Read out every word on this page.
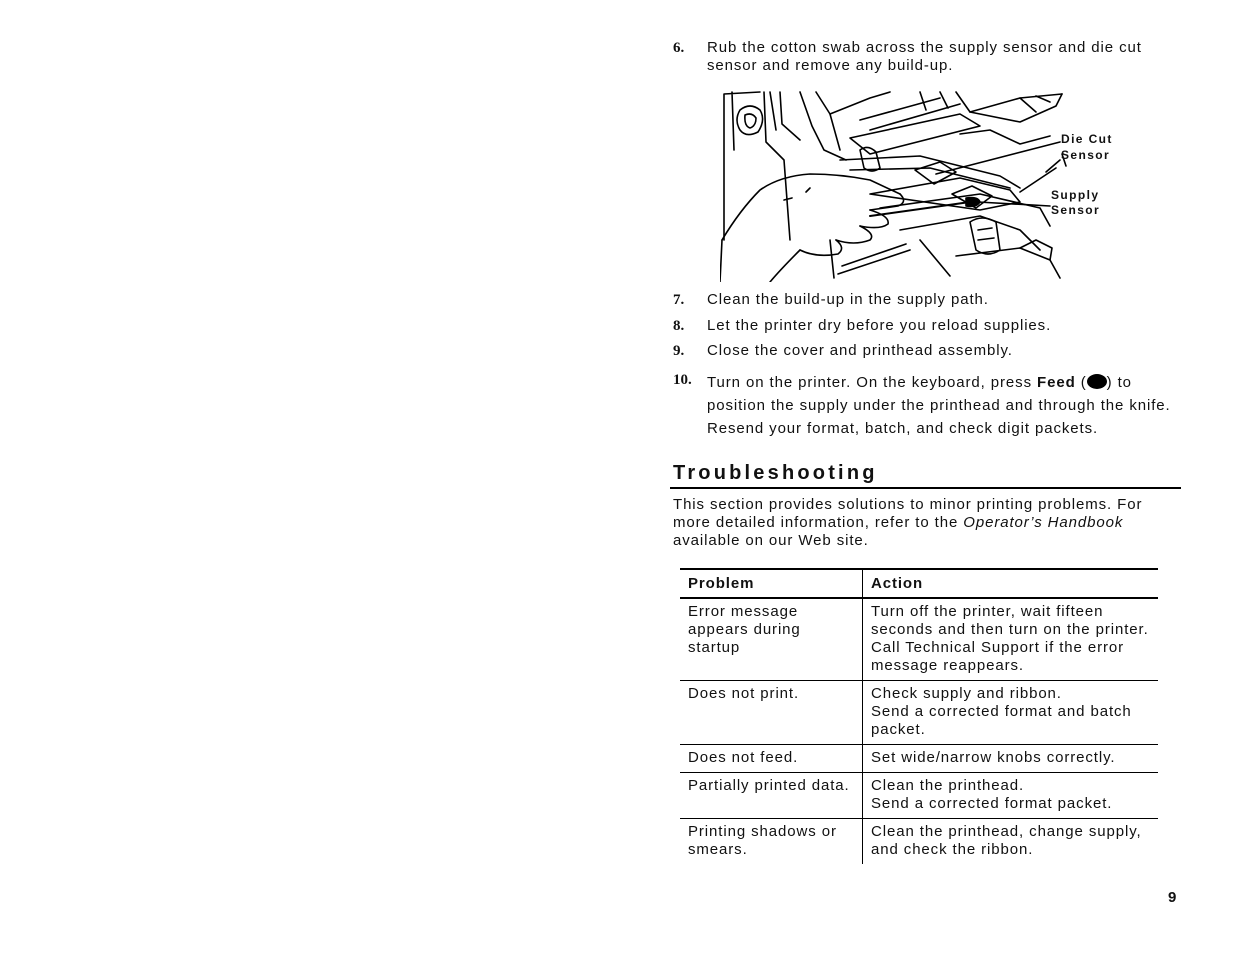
6. Rub the cotton swab across the supply sensor and die cut sensor and remove any build-up.
Die Cut
Sensor
Supply
Sensor
7. Clean the build-up in the supply path.
8. Let the printer dry before you reload supplies.
9. Close the cover and printhead assembly.
10. Turn on the printer. On the keyboard, press Feed ( ) to position the supply under the printhead and through the knife. Resend your format, batch, and check digit packets.
Troubleshooting

This section provides solutions to minor printing problems. For more detailed information, refer to the Operator’s Handbook available on our Web site.

Problem	Action
Error message appears during startup	Turn off the printer, wait fifteen seconds and then turn on the printer. Call Technical Support if the error message reappears.
Does not print.	Check supply and ribbon.
Send a corrected format and batch packet.

Does not feed.	Set wide/narrow knobs correctly.
Partially printed data.	Clean the printhead.
Send a corrected format packet.

Printing shadows or smears.	Clean the printhead, change supply, and check the ribbon.
9
